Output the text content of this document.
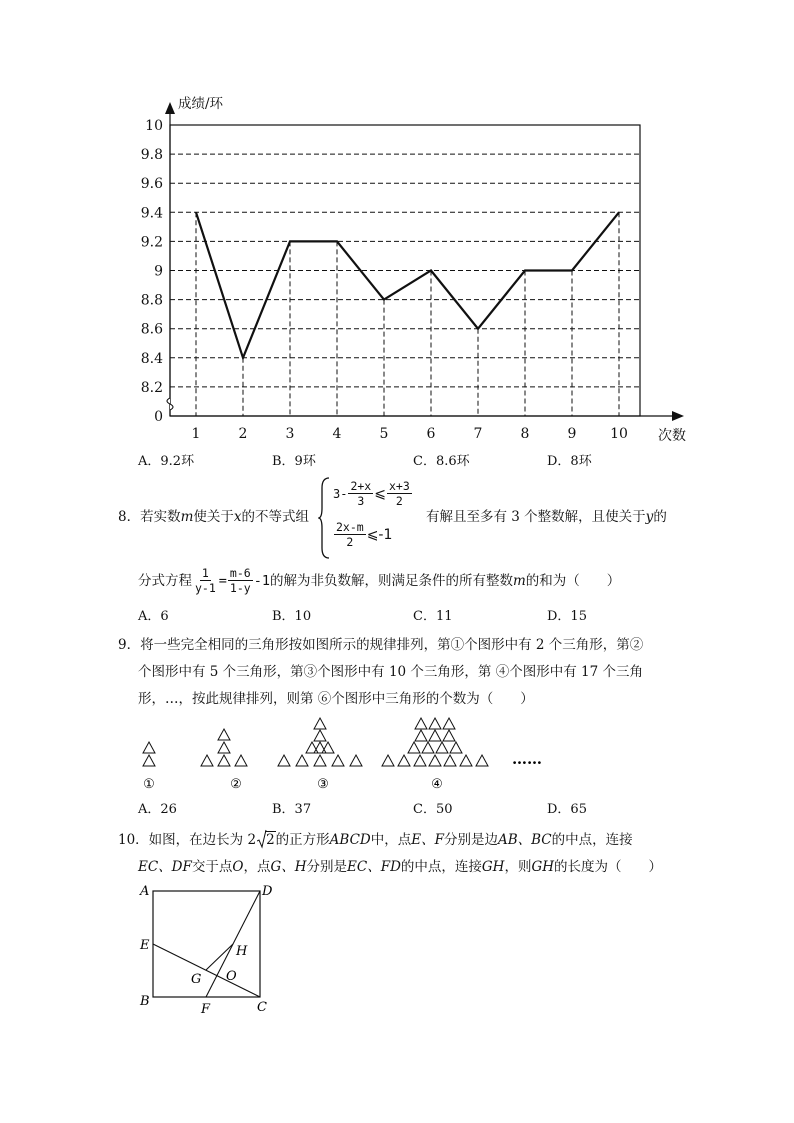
0
8.2
8.4
8.6
8.8
9
9.2
9.4
9.6
9.8
10
1	2	3	4	5	6	7	8	9 10
成绩/环
次数
A．9.2环	B．9环	C．8.6环	D．8环
8．若实数m使关于x的不等式组
$3- \frac{2+x}{3}$ ⩽ $\frac{x+3}{2}$
$\frac{2x-m}{2}$ ⩽-1
有解且至多有 3 个整数解，且使关于y的
分式方程 $\frac{1}{y-1} = \frac{m-6}{1-y} -1$ 的解为非负数解，则满足条件的所有整数 m 的和为（　　）
A．6	B．10	C．11	D．15
9．将一些完全相同的三角形按如图所示的规律排列，第①个图形中有 2 个三角形，第②
个图形中有 5 个三角形，第③个图形中有 10 个三角形，第 ④个图形中有 17 个三角
形，…，按此规律排列，则第 ⑥个图形中三角形的个数为（　　）
①	②	③	④
……
A．26	B．37	C．50	D．65
10．如图，在边长为 2 2 的正方形 ABCD 中，点 E、F 分别是边 AB、BC 的中点，连接
EC、DF交于点O，点G、H分别是EC、FD的中点，连接GH，则GH的长度为（　　）
A	D
E
B	C
F
H
G O
